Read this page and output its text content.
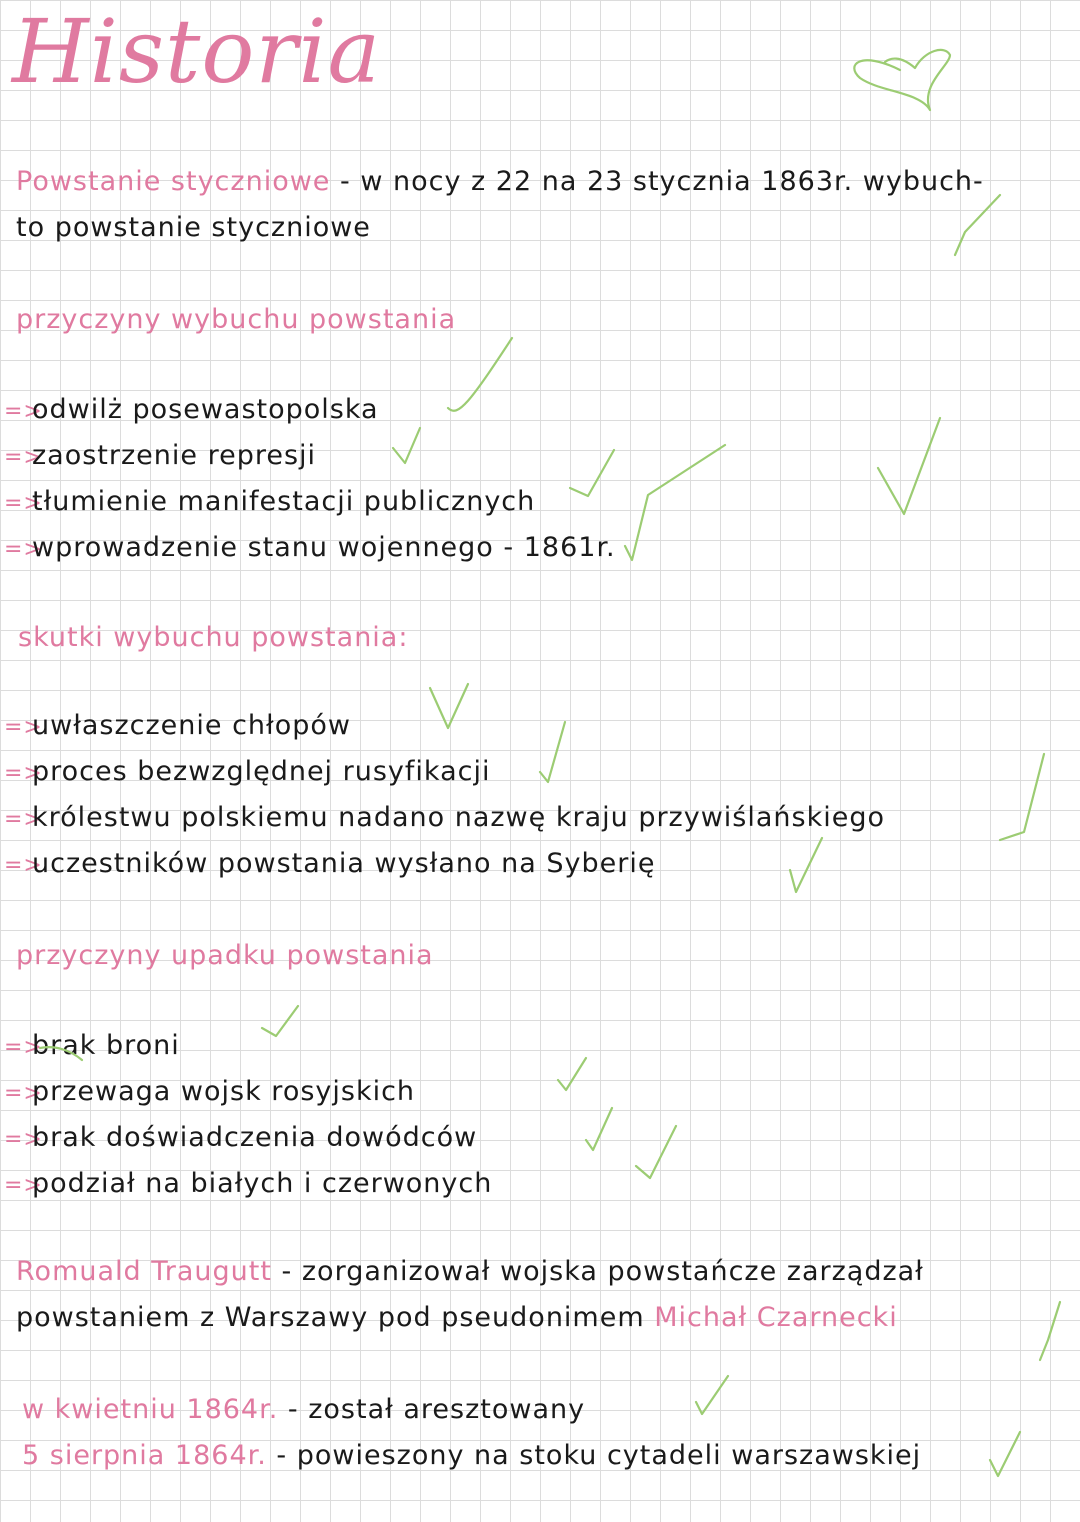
Historia
Powstanie styczniowe - w nocy z 22 na 23 stycznia 1863r. wybuch-
to powstanie styczniowe
przyczyny wybuchu powstania
=>odwilż posewastopolska
=>zaostrzenie represji
=>tłumienie manifestacji publicznych
=>wprowadzenie stanu wojennego - 1861r.
skutki wybuchu powstania:
=>uwłaszczenie chłopów
=>proces bezwzględnej rusyfikacji
=>królestwu polskiemu nadano nazwę kraju przywiślańskiego
=>uczestników powstania wysłano na Syberię
przyczyny upadku powstania
=>brak broni
=>przewaga wojsk rosyjskich
=>brak doświadczenia dowódców
=>podział na białych i czerwonych
Romuald Traugutt - zorganizował wojska powstańcze zarządzał
powstaniem z Warszawy pod pseudonimem Michał Czarnecki
w kwietniu 1864r. - został aresztowany
5 sierpnia 1864r. - powieszony na stoku cytadeli warszawskiej
